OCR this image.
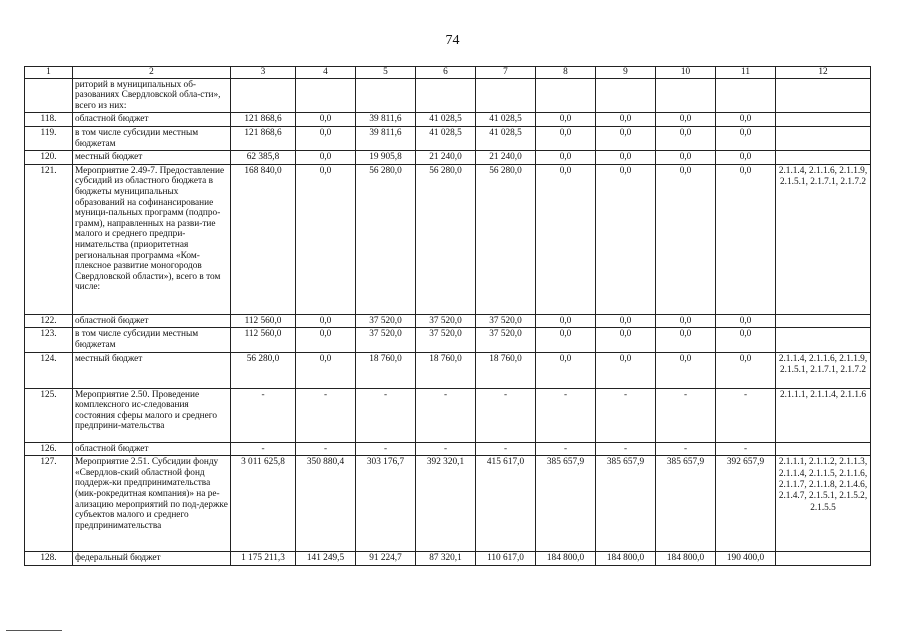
74
1	2	3	4	5	6	7	8	9	10	11	12
	риторий в муниципальных об-разованиях Свердловской обла-сти», всего из них:										
118.	областной бюджет	121 868,6	0,0	39 811,6	41 028,5	41 028,5	0,0	0,0	0,0	0,0	
119.	в том числе субсидии местным бюджетам	121 868,6	0,0	39 811,6	41 028,5	41 028,5	0,0	0,0	0,0	0,0	
120.	местный бюджет	62 385,8	0,0	19 905,8	21 240,0	21 240,0	0,0	0,0	0,0	0,0	
121.	Мероприятие 2.49-7. Предоставление субсидий из областного бюджета в бюджеты муниципальных образований на софинансирование муници-пальных программ (подпро-грамм), направленных на разви-тие малого и среднего предпри-нимательства (приоритетная региональная программа «Ком-плексное развитие моногородов Свердловской области»), всего в том числе:	168 840,0	0,0	56 280,0	56 280,0	56 280,0	0,0	0,0	0,0	0,0	2.1.1.4, 2.1.1.6, 2.1.1.9, 2.1.5.1, 2.1.7.1, 2.1.7.2
122.	областной бюджет	112 560,0	0,0	37 520,0	37 520,0	37 520,0	0,0	0,0	0,0	0,0	
123.	в том числе субсидии местным бюджетам	112 560,0	0,0	37 520,0	37 520,0	37 520,0	0,0	0,0	0,0	0,0	
124.	местный бюджет	56 280,0	0,0	18 760,0	18 760,0	18 760,0	0,0	0,0	0,0	0,0	2.1.1.4, 2.1.1.6, 2.1.1.9, 2.1.5.1, 2.1.7.1, 2.1.7.2
125.	Мероприятие 2.50. Проведение комплексного ис-следования состояния сферы малого и среднего предприни-мательства	-	-	-	-	-	-	-	-	-	2.1.1.1, 2.1.1.4, 2.1.1.6
126.	областной бюджет	-	-	-	-	-	-	-	-	-	
127.	Мероприятие 2.51. Субсидии фонду «Свердлов-ский областной фонд поддерж-ки предпринимательства (мик-рокредитная компания)» на ре-ализацию мероприятий по под-держке субъектов малого и среднего предпринимательства	3 011 625,8	350 880,4	303 176,7	392 320,1	415 617,0	385 657,9	385 657,9	385 657,9	392 657,9	2.1.1.1, 2.1.1.2, 2.1.1.3, 2.1.1.4, 2.1.1.5, 2.1.1.6, 2.1.1.7, 2.1.1.8, 2.1.4.6, 2.1.4.7, 2.1.5.1, 2.1.5.2, 2.1.5.5
128.	федеральный бюджет	1 175 211,3	141 249,5	91 224,7	87 320,1	110 617,0	184 800,0	184 800,0	184 800,0	190 400,0	
